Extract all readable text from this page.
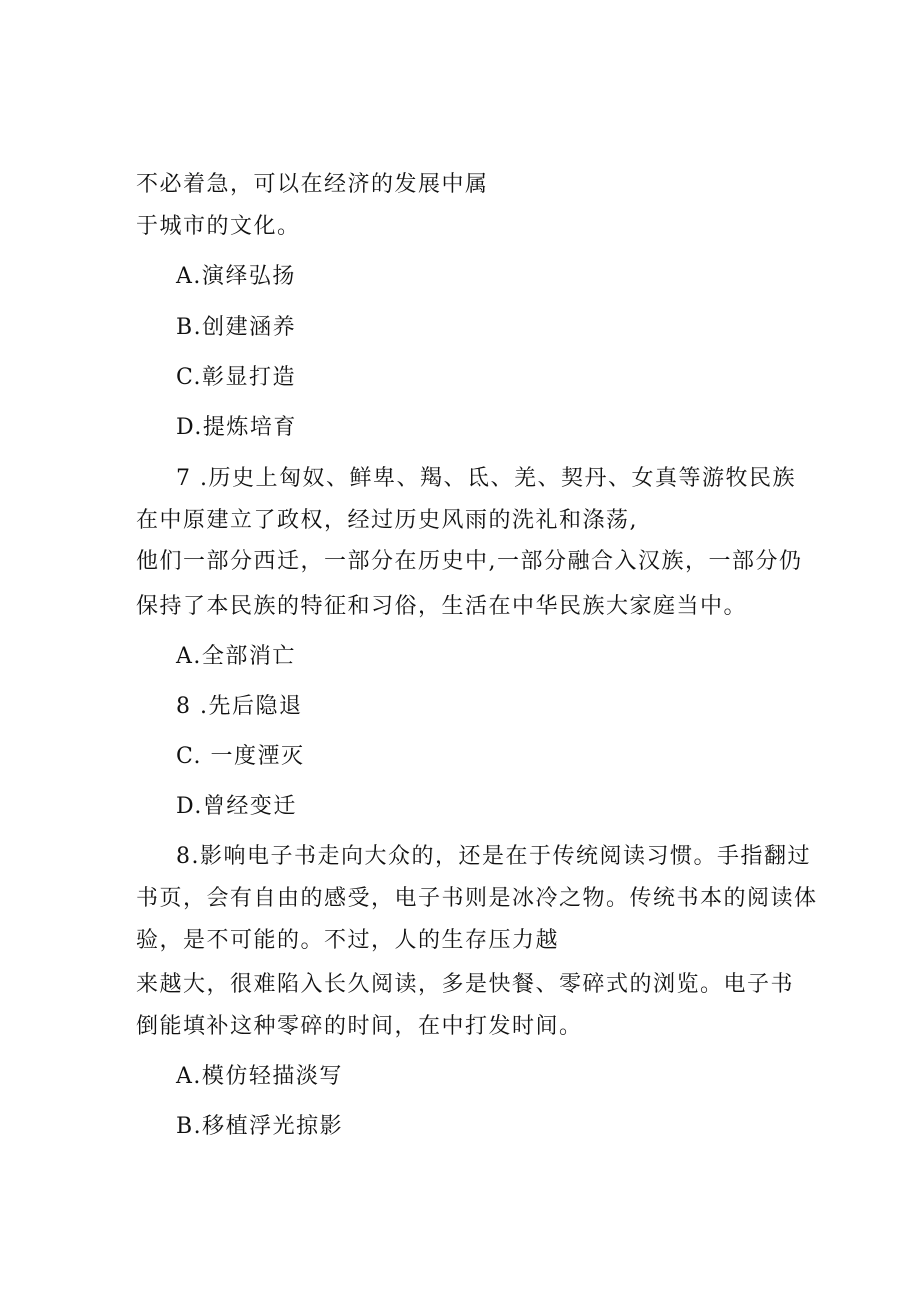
不必着急，可以在经济的发展中属
于城市的文化。
A.演绎弘扬
B.创建涵养
C.彰显打造
D.提炼培育
7 .历史上匈奴、鲜卑、羯、氐、羌、契丹、女真等游牧民族
在中原建立了政权，经过历史风雨的洗礼和涤荡,
他们一部分西迁，一部分在历史中,一部分融合入汉族，一部分仍
保持了本民族的特征和习俗，生活在中华民族大家庭当中。
A.全部消亡
8 .先后隐退
C. 一度湮灭
D.曾经变迁
8.影响电子书走向大众的，还是在于传统阅读习惯。手指翻过
书页，会有自由的感受，电子书则是冰冷之物。传统书本的阅读体
验，是不可能的。不过，人的生存压力越
来越大，很难陷入长久阅读，多是快餐、零碎式的浏览。电子书
倒能填补这种零碎的时间，在中打发时间。
A.模仿轻描淡写
B.移植浮光掠影
